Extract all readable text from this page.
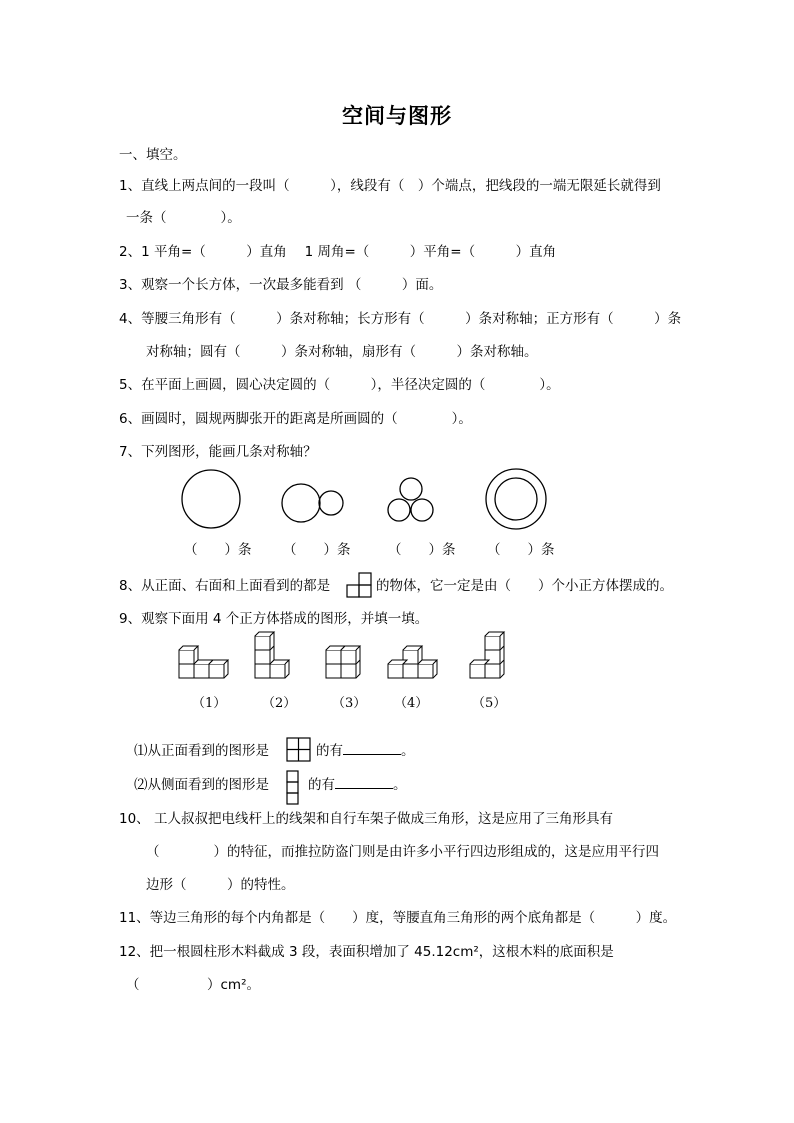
空间与图形
一、填空。
1、直线上两点间的一段叫（　　　），线段有（　）个端点，把线段的一端无限延长就得到
一条（　　　　）。
2、1 平角=（　　　）直角　 1 周角=（　　　）平角=（　　　）直角
3、观察一个长方体，一次最多能看到 （　　　）面。
4、等腰三角形有（　　　）条对称轴；长方形有（　　　）条对称轴；正方形有（　　　）条
对称轴；圆有（　　　）条对称轴，扇形有（　　　）条对称轴。
5、在平面上画圆，圆心决定圆的（　　　），半径决定圆的（　　　　）。
6、画圆时，圆规两脚张开的距离是所画圆的（　　　　）。
7、下列图形，能画几条对称轴？
（　　）条 （　　）条	（　　）条 （　　）条
8、从正面、右面和上面看到的都是	的物体，它一定是由（　　）个小正方体摆成的。
9、观察下面用 4 个正方体搭成的图形，并填一填。
（1）	（2）	（3） （4）	（5）
⑴从正面看到的图形是	的有	。
⑵从侧面看到的图形是	的有	。
10、 工人叔叔把电线杆上的线架和自行车架子做成三角形，这是应用了三角形具有
（　　　　）的特征，而推拉防盗门则是由许多小平行四边形组成的，这是应用平行四
边形（　　　）的特性。
11、等边三角形的每个内角都是（　　）度，等腰直角三角形的两个底角都是（　　　）度。
12、把一根圆柱形木料截成 3 段，表面积增加了 45.12cm²，这根木料的底面积是
（　　　　　）cm²。
